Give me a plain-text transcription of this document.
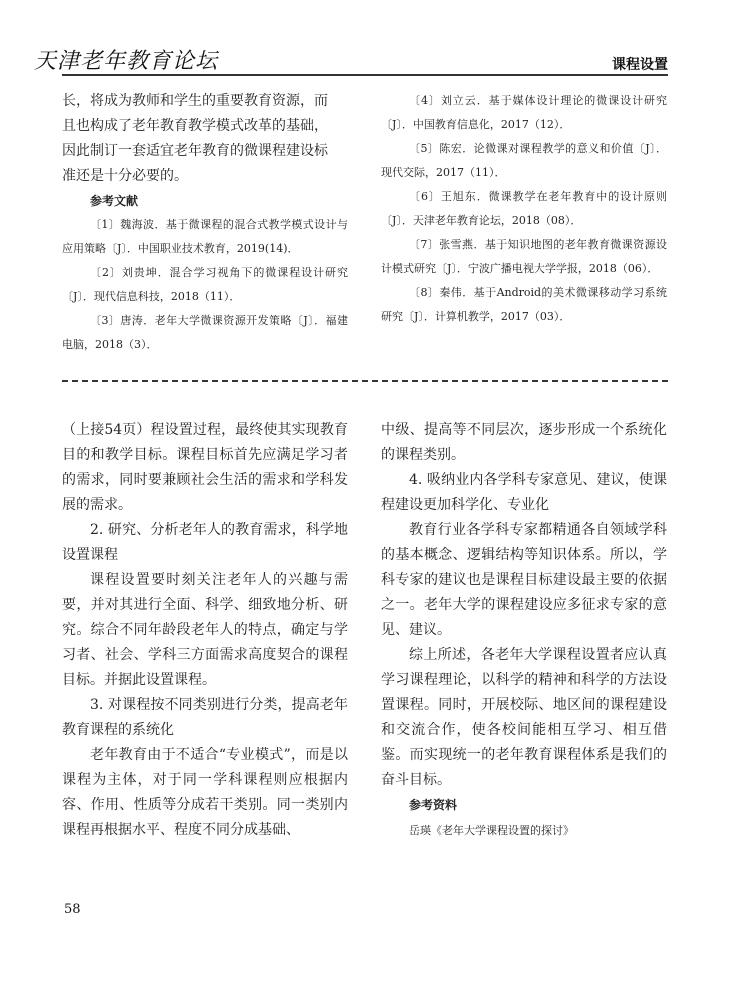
天津老年教育论坛	课程设置

长，将成为教师和学生的重要教育资源，而

且也构成了老年教育教学模式改革的基础，

因此制订一套适宜老年教育的微课程建设标

准还是十分必要的。

参考文献

〔1〕魏海波．基于微课程的混合式教学模式设计与应用策略〔J〕．中国职业技术教育，2019(14)．

〔2〕刘贵坤．混合学习视角下的微课程设计研究〔J〕．现代信息科技，2018（11）．

〔3〕唐涛．老年大学微课资源开发策略〔J〕．福建电脑，2018（3）．

〔4〕刘立云．基于媒体设计理论的微课设计研究〔J〕．中国教育信息化，2017（12）．

〔5〕陈宏．论微课对课程教学的意义和价值〔J〕．现代交际，2017（11）．

〔6〕王旭东．微课教学在老年教育中的设计原则〔J〕．天津老年教育论坛，2018（08）．

〔7〕张雪燕．基于知识地图的老年教育微课资源设计模式研究〔J〕．宁波广播电视大学学报，2018（06）．

〔8〕秦伟．基于Android的美术微课移动学习系统研究〔J〕．计算机教学，2017（03）．

（上接54页）程设置过程，最终使其实现教育目的和教学目标。课程目标首先应满足学习者的需求，同时要兼顾社会生活的需求和学科发展的需求。

2. 研究、分析老年人的教育需求，科学地设置课程

课程设置要时刻关注老年人的兴趣与需要，并对其进行全面、科学、细致地分析、研究。综合不同年龄段老年人的特点，确定与学习者、社会、学科三方面需求高度契合的课程目标。并据此设置课程。

3. 对课程按不同类别进行分类，提高老年教育课程的系统化

老年教育由于不适合“专业模式”，而是以课程为主体，对于同一学科课程则应根据内容、作用、性质等分成若干类别。同一类别内课程再根据水平、程度不同分成基础、

中级、提高等不同层次，逐步形成一个系统化的课程类别。

4. 吸纳业内各学科专家意见、建议，使课程建设更加科学化、专业化

教育行业各学科专家都精通各自领域学科的基本概念、逻辑结构等知识体系。所以，学科专家的建议也是课程目标建设最主要的依据之一。老年大学的课程建设应多征求专家的意见、建议。

综上所述，各老年大学课程设置者应认真学习课程理论，以科学的精神和科学的方法设置课程。同时，开展校际、地区间的课程建设和交流合作，使各校间能相互学习、相互借鉴。而实现统一的老年教育课程体系是我们的奋斗目标。

参考资料

岳瑛《老年大学课程设置的探讨》

58
